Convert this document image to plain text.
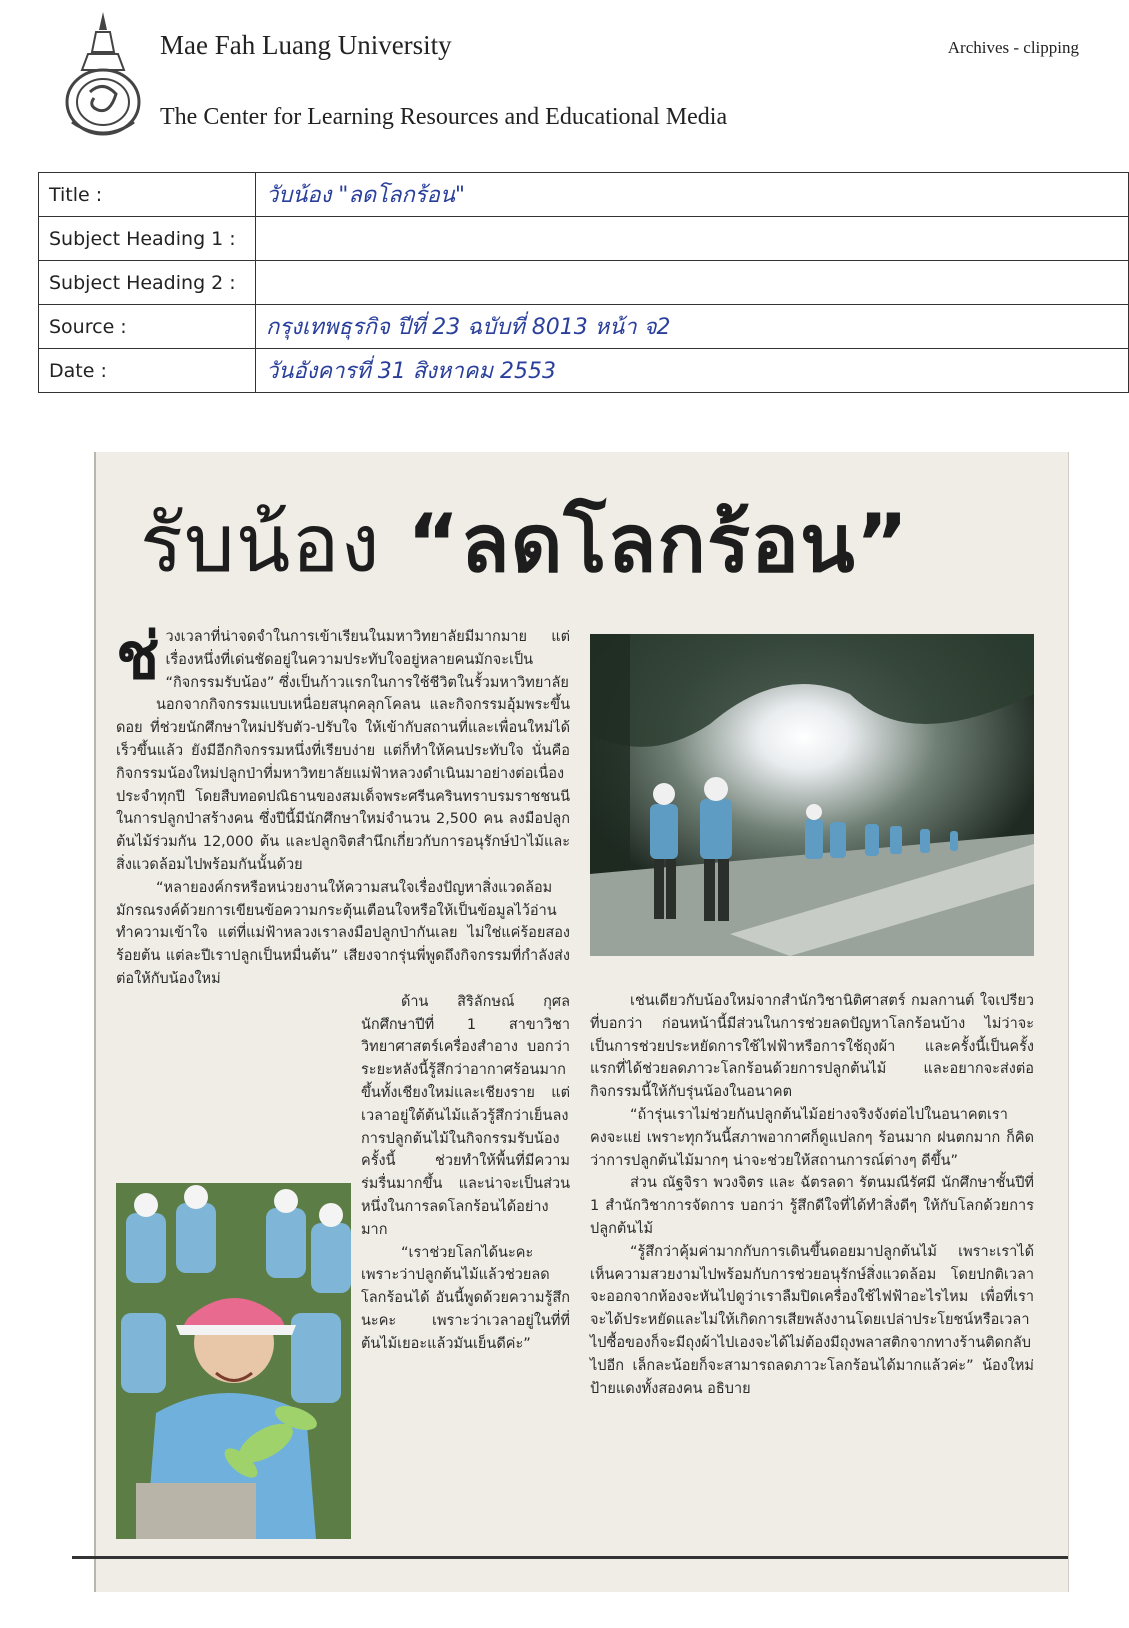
Mae Fah Luang University
The Center for Learning Resources and Educational Media
Archives - clipping
Title :	วับน้อง "ลดโลกร้อน"
Subject Heading 1 :	
Subject Heading 2 :	
Source :	กรุงเทพธุรกิจ ปีที่ 23 ฉบับที่ 8013 หน้า จ2
Date :	วันอังคารที่ 31 สิงหาคม 2553
รับน้อง “ลดโลกร้อน”

ช่วงเวลาที่น่าจดจำในการเข้าเรียนในมหาวิทยาลัยมีมากมาย แต่เรื่องหนึ่งที่เด่นชัดอยู่ในความประทับใจอยู่หลายคนมักจะเป็น “กิจกรรมรับน้อง” ซึ่งเป็นก้าวแรกในการใช้ชีวิตในรั้วมหาวิทยาลัย

นอกจากกิจกรรมแบบเหนื่อยสนุกคลุกโคลน และกิจกรรมอุ้มพระขึ้นดอย ที่ช่วยนักศึกษาใหม่ปรับตัว-ปรับใจ ให้เข้ากับสถานที่และเพื่อนใหม่ได้เร็วขึ้นแล้ว ยังมีอีกกิจกรรมหนึ่งที่เรียบง่าย แต่ก็ทำให้คนประทับใจ นั่นคือ กิจกรรมน้องใหม่ปลูกป่าที่มหาวิทยาลัยแม่ฟ้าหลวงดำเนินมาอย่างต่อเนื่องประจำทุกปี โดยสืบทอดปณิธานของสมเด็จพระศรีนครินทราบรมราชชนนีในการปลูกป่าสร้างคน ซึ่งปีนี้มีนักศึกษาใหม่จำนวน 2,500 คน ลงมือปลูกต้นไม้ร่วมกัน 12,000 ต้น และปลูกจิตสำนึกเกี่ยวกับการอนุรักษ์ป่าไม้และสิ่งแวดล้อมไปพร้อมกันนั้นด้วย

“หลายองค์กรหรือหน่วยงานให้ความสนใจเรื่องปัญหาสิ่งแวดล้อม มักรณรงค์ด้วยการเขียนข้อความกระตุ้นเตือนใจหรือให้เป็นข้อมูลไว้อ่านทำความเข้าใจ แต่ที่แม่ฟ้าหลวงเราลงมือปลูกป่ากันเลย ไม่ใช่แค่ร้อยสองร้อยต้น แต่ละปีเราปลูกเป็นหมื่นต้น” เสียงจากรุ่นพี่พูดถึงกิจกรรมที่กำลังส่งต่อให้กับน้องใหม่

ด้าน สิริลักษณ์ กุศล นักศึกษาปีที่ 1 สาขาวิชาวิทยาศาสตร์เครื่องสำอาง บอกว่า ระยะหลังนี้รู้สึกว่าอากาศร้อนมากขึ้นทั้งเชียงใหม่และเชียงราย แต่เวลาอยู่ใต้ต้นไม้แล้วรู้สึกว่าเย็นลง การปลูกต้นไม้ในกิจกรรมรับน้องครั้งนี้ ช่วยทำให้พื้นที่มีความร่มรื่นมากขึ้น และน่าจะเป็นส่วนหนึ่งในการลดโลกร้อนได้อย่างมาก

“เราช่วยโลกได้นะคะ เพราะว่าปลูกต้นไม้แล้วช่วยลดโลกร้อนได้ อันนี้พูดด้วยความรู้สึกนะคะ เพราะว่าเวลาอยู่ในที่ที่ต้นไม้เยอะแล้วมันเย็นดีค่ะ”

เช่นเดียวกับน้องใหม่จากสำนักวิชานิติศาสตร์ กมลกานต์ ใจเปรียว ที่บอกว่า ก่อนหน้านี้มีส่วนในการช่วยลดปัญหาโลกร้อนบ้าง ไม่ว่าจะเป็นการช่วยประหยัดการใช้ไฟฟ้าหรือการใช้ถุงผ้า และครั้งนี้เป็นครั้งแรกที่ได้ช่วยลดภาวะโลกร้อนด้วยการปลูกต้นไม้ และอยากจะส่งต่อกิจกรรมนี้ให้กับรุ่นน้องในอนาคต

“ถ้ารุ่นเราไม่ช่วยกันปลูกต้นไม้อย่างจริงจังต่อไปในอนาคตเราคงจะแย่ เพราะทุกวันนี้สภาพอากาศก็ดูแปลกๆ ร้อนมาก ฝนตกมาก ก็คิดว่าการปลูกต้นไม้มากๆ น่าจะช่วยให้สถานการณ์ต่างๆ ดีขึ้น”

ส่วน ณัฐจิรา พวงจิตร และ ฉัตรลดา รัตนมณีรัศมี นักศึกษาชั้นปีที่ 1 สำนักวิชาการจัดการ บอกว่า รู้สึกดีใจที่ได้ทำสิ่งดีๆ ให้กับโลกด้วยการปลูกต้นไม้

“รู้สึกว่าคุ้มค่ามากกับการเดินขึ้นดอยมาปลูกต้นไม้ เพราะเราได้เห็นความสวยงามไปพร้อมกับการช่วยอนุรักษ์สิ่งแวดล้อม โดยปกติเวลาจะออกจากห้องจะหันไปดูว่าเราลืมปิดเครื่องใช้ไฟฟ้าอะไรไหม เพื่อที่เราจะได้ประหยัดและไม่ให้เกิดการเสียพลังงานโดยเปล่าประโยชน์หรือเวลาไปซื้อของก็จะมีถุงผ้าไปเองจะได้ไม่ต้องมีถุงพลาสติกจากทางร้านติดกลับไปอีก เล็กละน้อยก็จะสามารถลดภาวะโลกร้อนได้มากแล้วค่ะ” น้องใหม่ป้ายแดงทั้งสองคน อธิบาย
